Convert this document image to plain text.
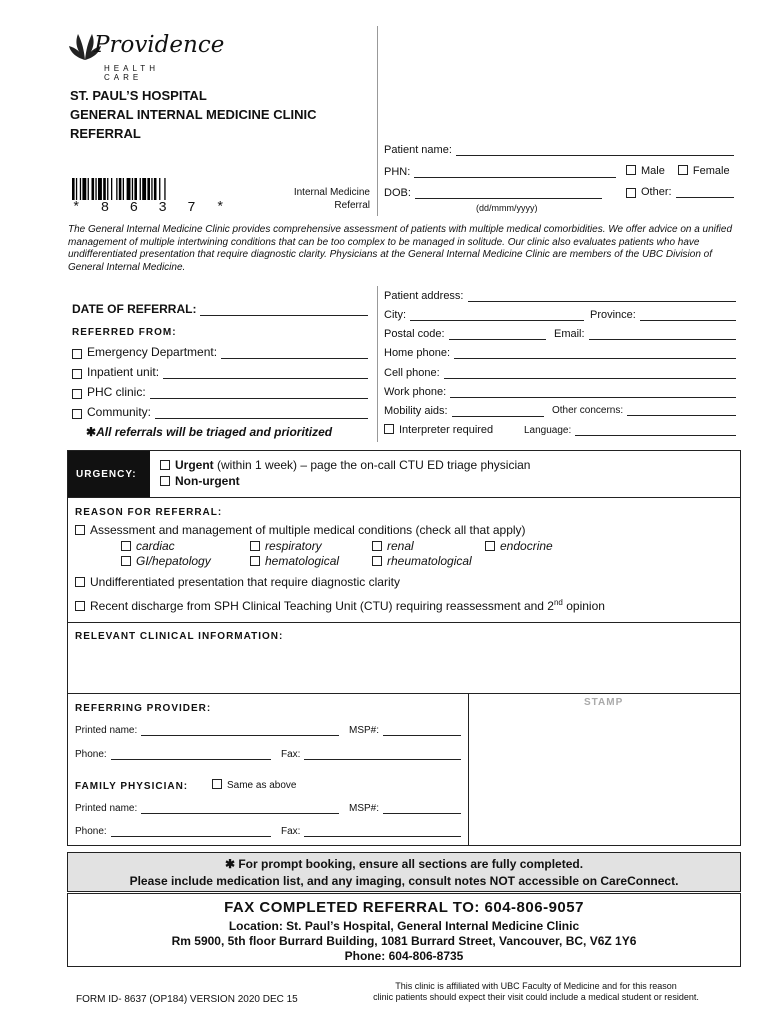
Providence
HEALTH CARE
ST. PAUL’S HOSPITAL
GENERAL INTERNAL MEDICINE CLINIC
REFERRAL
* 8 6 3 7 *
Internal Medicine
Referral
Patient name:
PHN:	Male	Female
DOB:
(dd/mmm/yyyy)
Other:
The General Internal Medicine Clinic provides comprehensive assessment of patients with multiple medical comorbidities. We offer advice on a unified management of multiple intertwining conditions that can be too complex to be managed in solitude. Our clinic also evaluates patients who have undifferentiated presentation that require diagnostic clarity. Physicians at the General Internal Medicine Clinic are members of the UBC Division of General Internal Medicine.
DATE OF REFERRAL:
REFERRED FROM:
Emergency Department:
Inpatient unit:
PHC clinic:
Community:
✱All referrals will be triaged and prioritized
Patient address:
City:	Province:
Postal code:	Email:
Home phone:
Cell phone:
Work phone:
Mobility aids:	Other concerns:
Interpreter required	Language:
URGENCY:
Urgent (within 1 week) – page the on-call CTU ED triage physician
Non-urgent
REASON FOR REFERRAL:
Assessment and management of multiple medical conditions (check all that apply)
cardiac	respiratory	renal	endocrine
GI/hepatology	hematological	rheumatological
Undifferentiated presentation that require diagnostic clarity
Recent discharge from SPH Clinical Teaching Unit (CTU) requiring reassessment and 2nd opinion
RELEVANT CLINICAL INFORMATION:
STAMP
REFERRING PROVIDER:
Printed name:	MSP#:
Phone:	Fax:
FAMILY PHYSICIAN:	Same as above
Printed name:	MSP#:
Phone:	Fax:
✱ For prompt booking, ensure all sections are fully completed.
Please include medication list, and any imaging, consult notes NOT accessible on CareConnect.
FAX COMPLETED REFERRAL TO: 604-806-9057
Location: St. Paul’s Hospital, General Internal Medicine Clinic
Rm 5900, 5th floor Burrard Building, 1081 Burrard Street, Vancouver, BC, V6Z 1Y6
Phone: 604-806-8735
FORM ID- 8637 (OP184) VERSION 2020 DEC 15
This clinic is affiliated with UBC Faculty of Medicine and for this reason
clinic patients should expect their visit could include a medical student or resident.
